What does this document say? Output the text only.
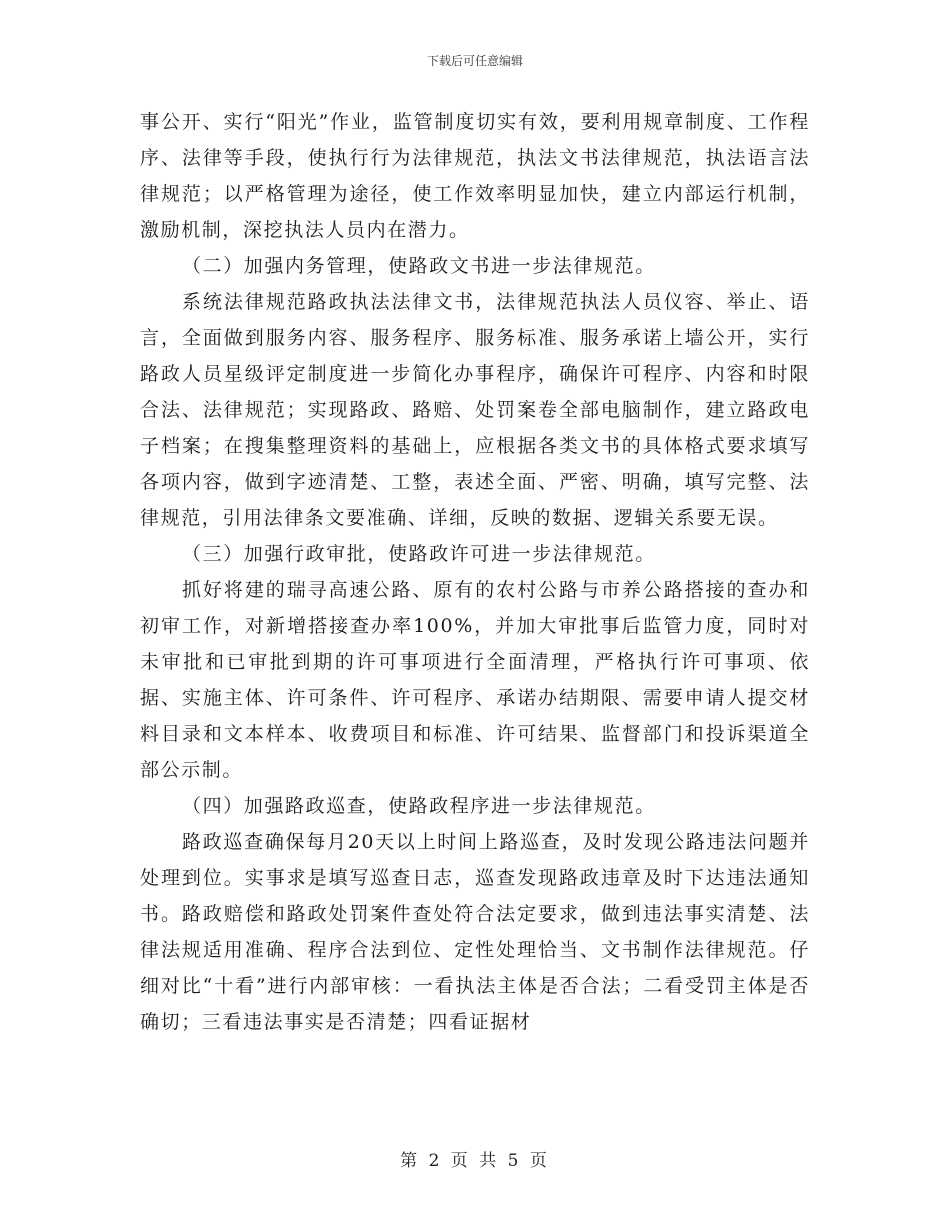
下载后可任意编辑

事公开、实行“阳光”作业，监管制度切实有效，要利用规章制度、工作程序、法律等手段，使执行行为法律规范，执法文书法律规范，执法语言法律规范；以严格管理为途径，使工作效率明显加快，建立内部运行机制，激励机制，深挖执法人员内在潜力。

（二）加强内务管理，使路政文书进一步法律规范。

系统法律规范路政执法法律文书，法律规范执法人员仪容、举止、语言，全面做到服务内容、服务程序、服务标准、服务承诺上墙公开，实行路政人员星级评定制度进一步简化办事程序，确保许可程序、内容和时限合法、法律规范；实现路政、路赔、处罚案卷全部电脑制作，建立路政电子档案；在搜集整理资料的基础上，应根据各类文书的具体格式要求填写各项内容，做到字迹清楚、工整，表述全面、严密、明确，填写完整、法律规范，引用法律条文要准确、详细，反映的数据、逻辑关系要无误。

（三）加强行政审批，使路政许可进一步法律规范。

抓好将建的瑞寻高速公路、原有的农村公路与市养公路搭接的查办和初审工作，对新增搭接查办率100%，并加大审批事后监管力度，同时对未审批和已审批到期的许可事项进行全面清理，严格执行许可事项、依据、实施主体、许可条件、许可程序、承诺办结期限、需要申请人提交材料目录和文本样本、收费项目和标准、许可结果、监督部门和投诉渠道全部公示制。

（四）加强路政巡查，使路政程序进一步法律规范。

路政巡查确保每月20天以上时间上路巡查，及时发现公路违法问题并处理到位。实事求是填写巡查日志，巡查发现路政违章及时下达违法通知书。路政赔偿和路政处罚案件查处符合法定要求，做到违法事实清楚、法律法规适用准确、程序合法到位、定性处理恰当、文书制作法律规范。仔细对比“十看”进行内部审核：一看执法主体是否合法；二看受罚主体是否确切；三看违法事实是否清楚；四看证据材

第 2 页 共 5 页
